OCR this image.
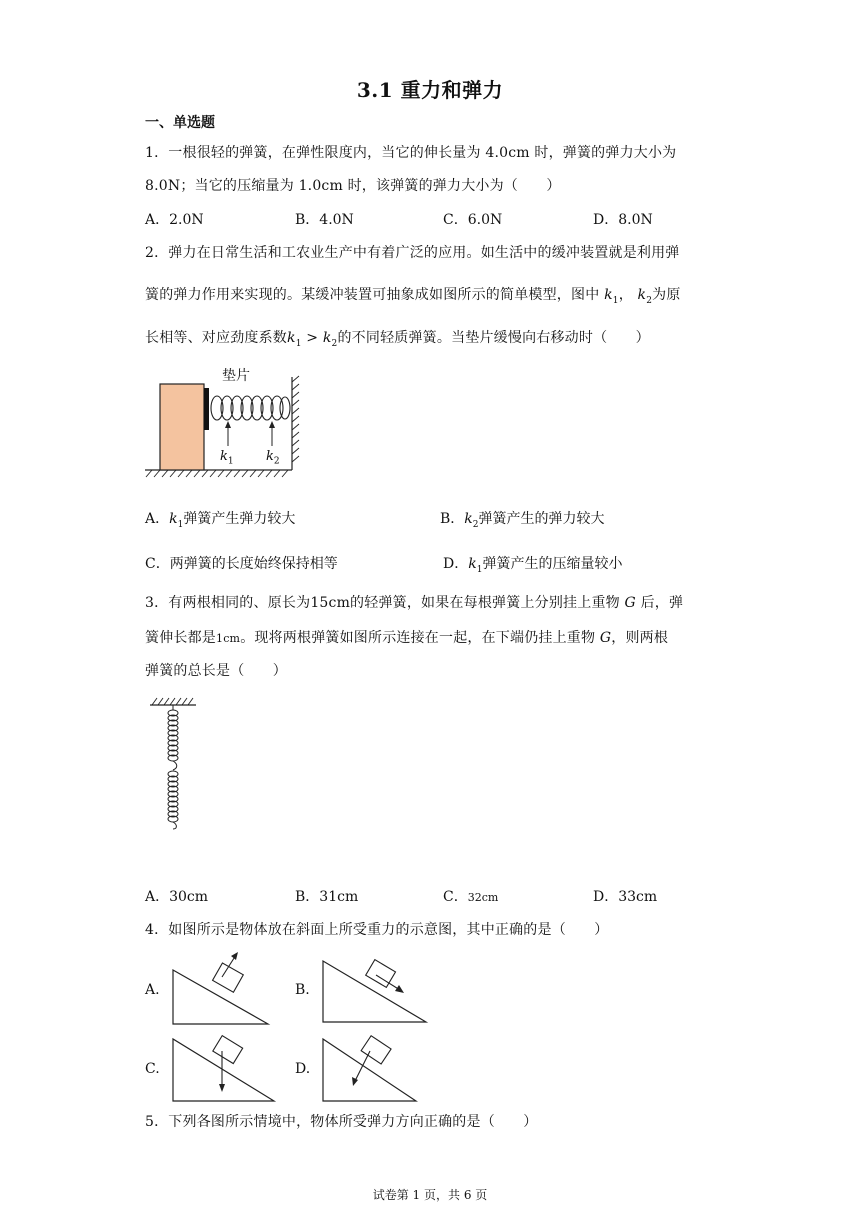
3.1 重力和弹力
一、单选题
1．一根很轻的弹簧，在弹性限度内，当它的伸长量为 4.0cm 时，弹簧的弹力大小为
8.0N；当它的压缩量为 1.0cm 时，该弹簧的弹力大小为（　　）
A．2.0N	B．4.0N	C．6.0N	D．8.0N
2．弹力在日常生活和工农业生产中有着广泛的应用。如生活中的缓冲装置就是利用弹
簧的弹力作用来实现的。某缓冲装置可抽象成如图所示的简单模型，图中 $k_1$， $k_2$为原
长相等、对应劲度系数$k_1 > k_2$的不同轻质弹簧。当垫片缓慢向右移动时（　　）
垫片
$k_1$ $k_2$
A．$k_1$弹簧产生弹力较大	B．$k_2$弹簧产生的弹力较大
C．两弹簧的长度始终保持相等	D．$k_1$弹簧产生的压缩量较小
3．有两根相同的、原长为15cm的轻弹簧，如果在每根弹簧上分别挂上重物 G 后，弹
簧伸长都是1cm。现将两根弹簧如图所示连接在一起，在下端仍挂上重物 G，则两根
弹簧的总长是（　　）
A．30cm	B．31cm	C．32cm	D．33cm
4．如图所示是物体放在斜面上所受重力的示意图，其中正确的是（　　）
A.	B.
C.	D.
5．下列各图所示情境中，物体所受弹力方向正确的是（　　）
试卷第 1 页，共 6 页
